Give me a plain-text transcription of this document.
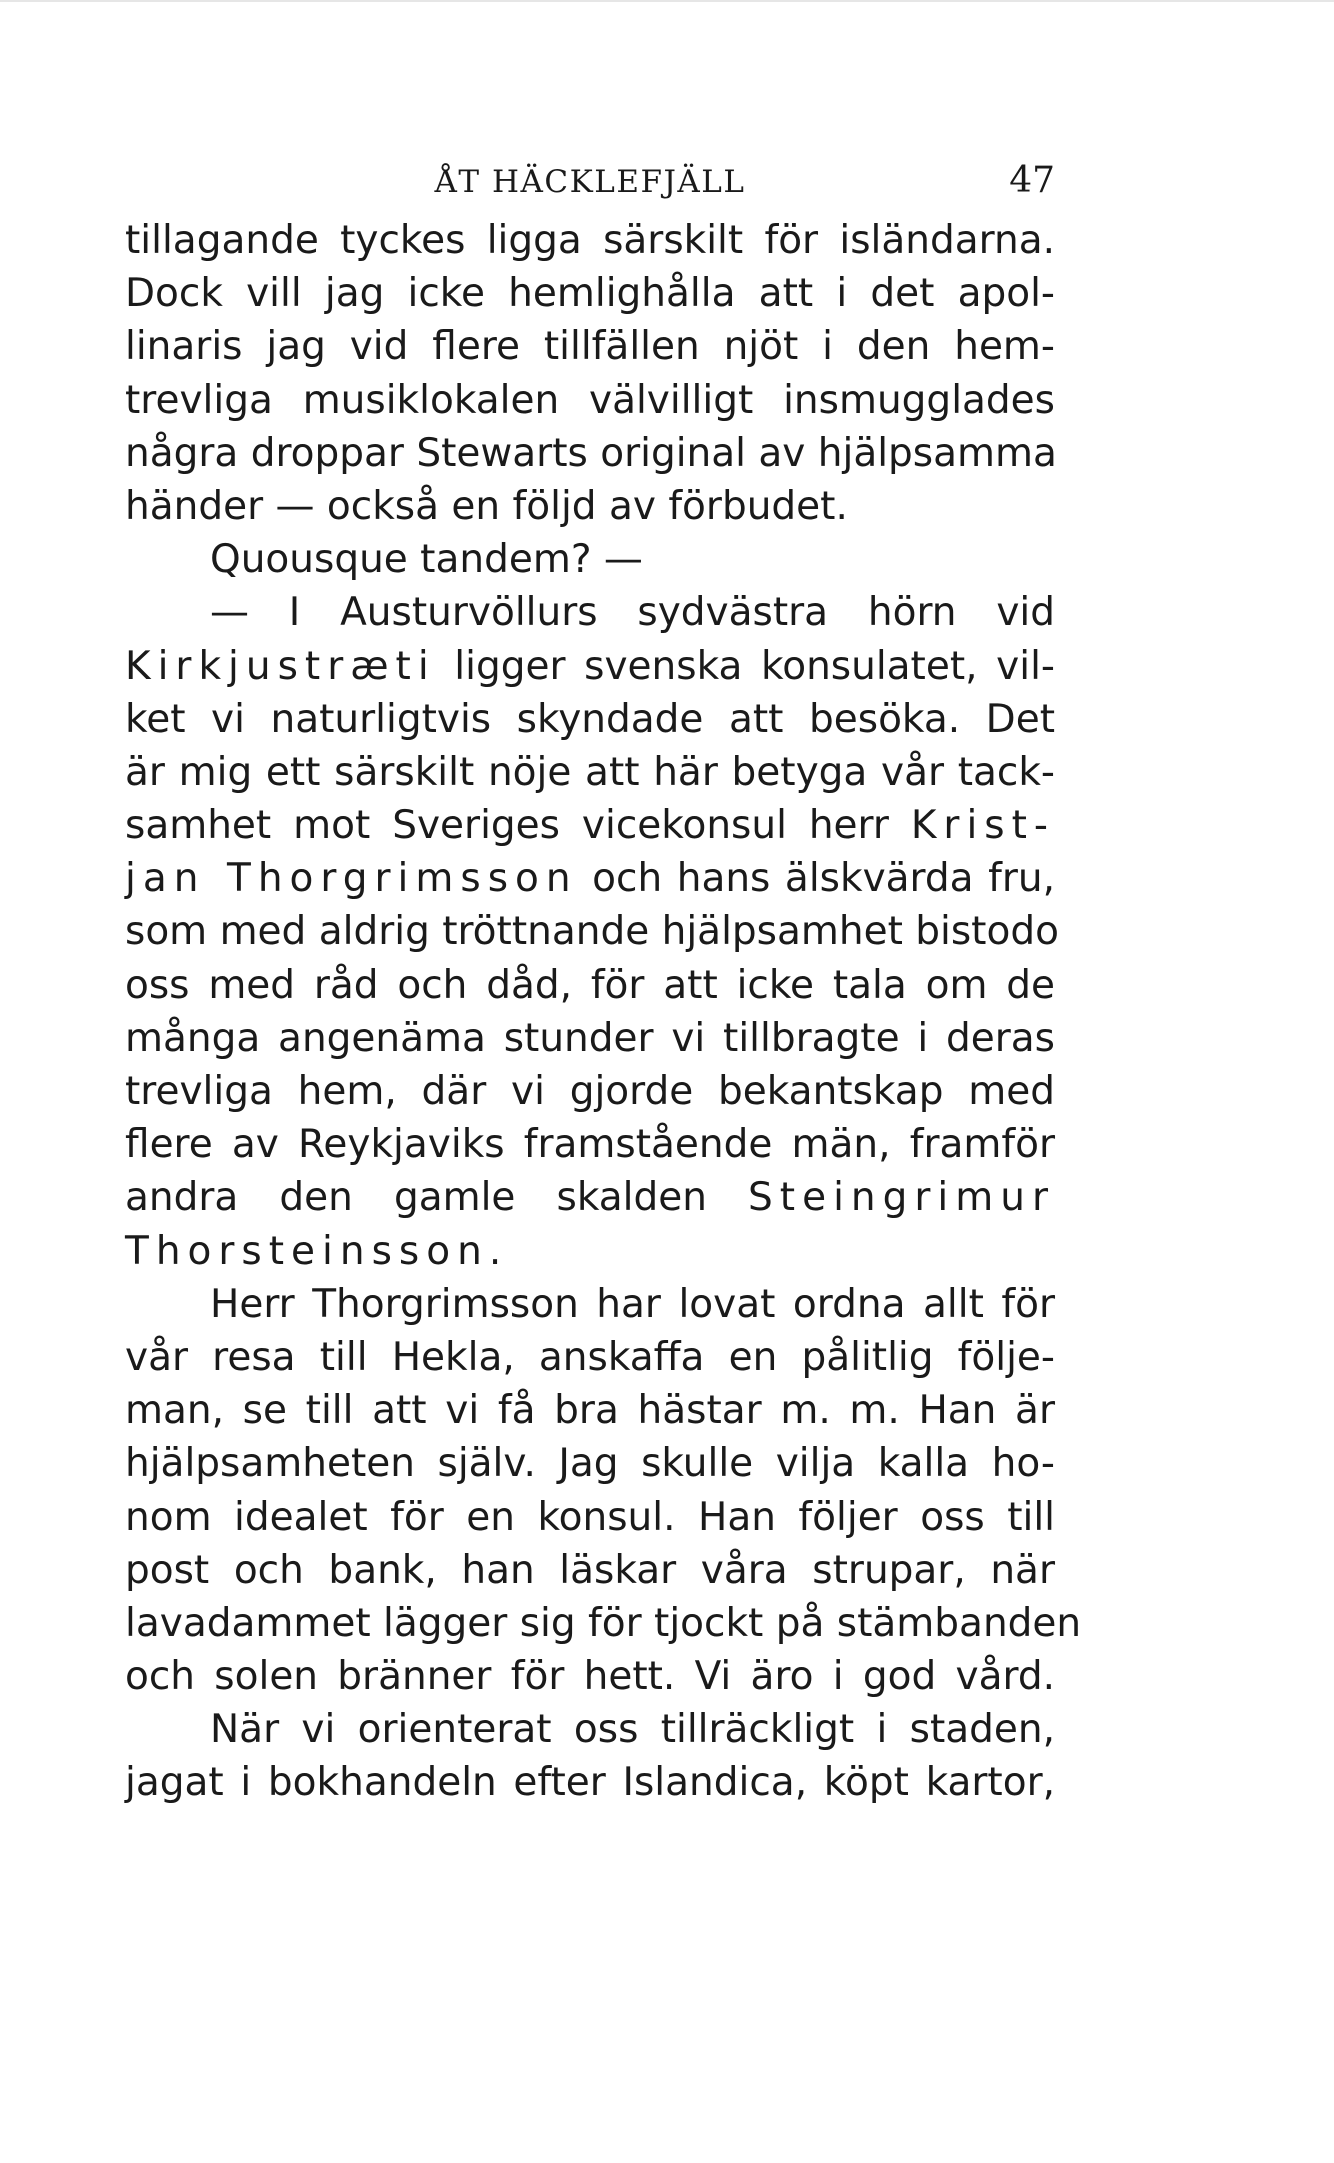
ÅT HÄCKLEFJÄLL	47
tillagande tyckes ligga särskilt för isländarna.
Dock vill jag icke hemlighålla att i det apol-
linaris jag vid flere tillfällen njöt i den hem-
trevliga musiklokalen välvilligt insmugglades
några droppar Stewarts original av hjälpsamma
händer — också en följd av förbudet.
Quousque tandem? —
— I Austurvöllurs sydvästra hörn vid
Kirkjustræti ligger svenska konsulatet, vil-
ket vi naturligtvis skyndade att besöka. Det
är mig ett särskilt nöje att här betyga vår tack-
samhet mot Sveriges vicekonsul herr Krist-
jan Thorgrimsson och hans älskvärda fru,
som med aldrig tröttnande hjälpsamhet bistodo
oss med råd och dåd, för att icke tala om de
många angenäma stunder vi tillbragte i deras
trevliga hem, där vi gjorde bekantskap med
flere av Reykjaviks framstående män, framför
andra den gamle skalden Steingrimur
Thorsteinsson.
Herr Thorgrimsson har lovat ordna allt för
vår resa till Hekla, anskaffa en pålitlig följe-
man, se till att vi få bra hästar m. m. Han är
hjälpsamheten själv. Jag skulle vilja kalla ho-
nom idealet för en konsul. Han följer oss till
post och bank, han läskar våra strupar, när
lavadammet lägger sig för tjockt på stämbanden
och solen bränner för hett. Vi äro i god vård.
När vi orienterat oss tillräckligt i staden,
jagat i bokhandeln efter Islandica, köpt kartor,
